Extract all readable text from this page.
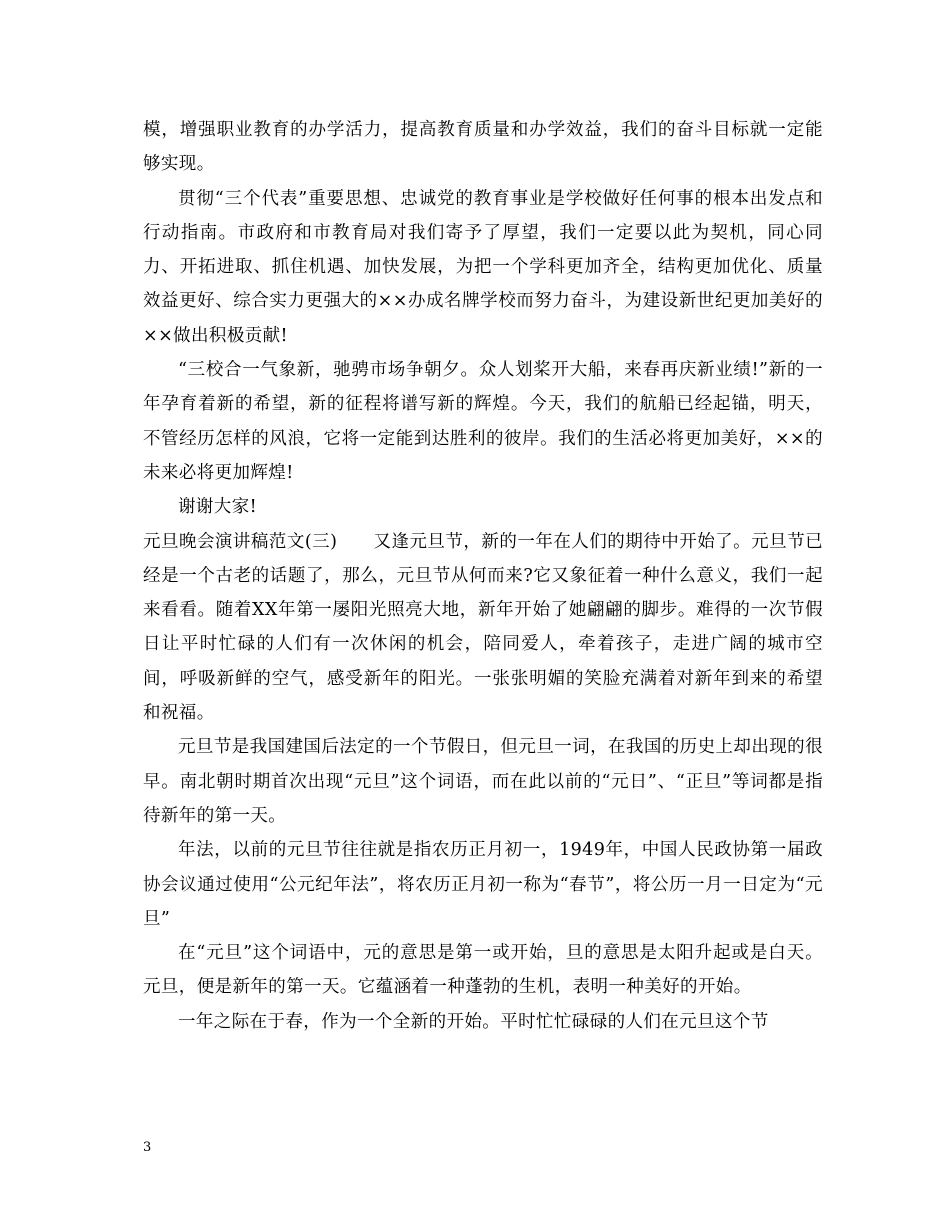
模，增强职业教育的办学活力，提高教育质量和办学效益，我们的奋斗目标就一定能够实现。

贯彻“三个代表”重要思想、忠诚党的教育事业是学校做好任何事的根本出发点和行动指南。市政府和市教育局对我们寄予了厚望，我们一定要以此为契机，同心同力、开拓进取、抓住机遇、加快发展，为把一个学科更加齐全，结构更加优化、质量效益更好、综合实力更强大的××办成名牌学校而努力奋斗，为建设新世纪更加美好的××做出积极贡献!

“三校合一气象新，驰骋市场争朝夕。众人划桨开大船，来春再庆新业绩!”新的一年孕育着新的希望，新的征程将谱写新的辉煌。今天，我们的航船已经起锚，明天，不管经历怎样的风浪，它将一定能到达胜利的彼岸。我们的生活必将更加美好，××的未来必将更加辉煌!

谢谢大家!

元旦晚会演讲稿范文(三) 又逢元旦节，新的一年在人们的期待中开始了。元旦节已经是一个古老的话题了，那么，元旦节从何而来?它又象征着一种什么意义，我们一起来看看。随着XX年第一屡阳光照亮大地，新年开始了她翩翩的脚步。难得的一次节假日让平时忙碌的人们有一次休闲的机会，陪同爱人，牵着孩子，走进广阔的城市空间，呼吸新鲜的空气，感受新年的阳光。一张张明媚的笑脸充满着对新年到来的希望和祝福。

元旦节是我国建国后法定的一个节假日，但元旦一词，在我国的历史上却出现的很早。南北朝时期首次出现“元旦”这个词语，而在此以前的“元日”、“正旦”等词都是指待新年的第一天。

年法，以前的元旦节往往就是指农历正月初一，1949年，中国人民政协第一届政协会议通过使用“公元纪年法”，将农历正月初一称为“春节”，将公历一月一日定为“元旦”

在“元旦”这个词语中，元的意思是第一或开始，旦的意思是太阳升起或是白天。元旦，便是新年的第一天。它蕴涵着一种蓬勃的生机，表明一种美好的开始。

一年之际在于春，作为一个全新的开始。平时忙忙碌碌的人们在元旦这个节

3
